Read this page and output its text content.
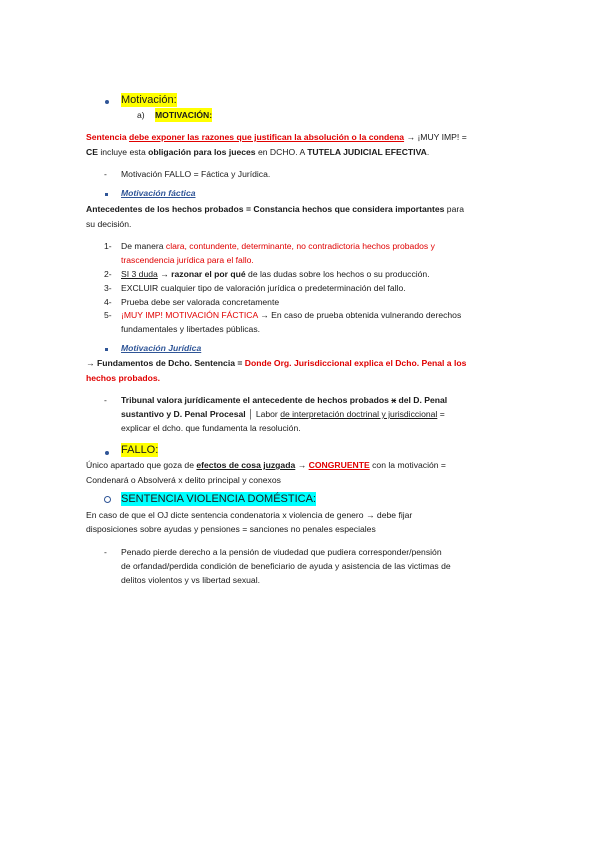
Motivación:
a) MOTIVACIÓN:
Sentencia debe exponer las razones que justifican la absolución o la condena → ¡MUY IMP! =
CE incluye esta obligación para los jueces en DCHO. A TUTELA JUDICIAL EFECTIVA.
- Motivación FALLO = Fáctica y Jurídica.
Motivación fáctica
Antecedentes de los hechos probados = Constancia hechos que considera importantes para
su decisión.
1- De manera clara, contundente, determinante, no contradictoria hechos probados y
trascendencia jurídica para el fallo.
2- SI 3 duda → razonar el por qué de las dudas sobre los hechos o su producción.
3- EXCLUIR cualquier tipo de valoración jurídica o predeterminación del fallo.
4- Prueba debe ser valorada concretamente
5- ¡MUY IMP! MOTIVACIÓN FÁCTICA → En caso de prueba obtenida vulnerando derechos
fundamentales y libertades públicas.
Motivación Jurídica
→ Fundamentos de Dcho. Sentencia = Donde Org. Jurisdiccional explica el Dcho. Penal a los
hechos probados.
- Tribunal valora jurídicamente el antecedente de hechos probados x del D. Penal
sustantivo y D. Penal Procesal │ Labor de interpretación doctrinal y jurisdiccional =
explicar el dcho. que fundamenta la resolución.
FALLO:
Único apartado que goza de efectos de cosa juzgada → CONGRUENTE con la motivación =
Condenará o Absolverá x delito principal y conexos
SENTENCIA VIOLENCIA DOMÉSTICA:
En caso de que el OJ dicte sentencia condenatoria x violencia de genero → debe fijar
disposiciones sobre ayudas y pensiones = sanciones no penales especiales
- Penado pierde derecho a la pensión de viudedad que pudiera corresponder/pensión
de orfandad/perdida condición de beneficiario de ayuda y asistencia de las victimas de
delitos violentos y vs libertad sexual.
